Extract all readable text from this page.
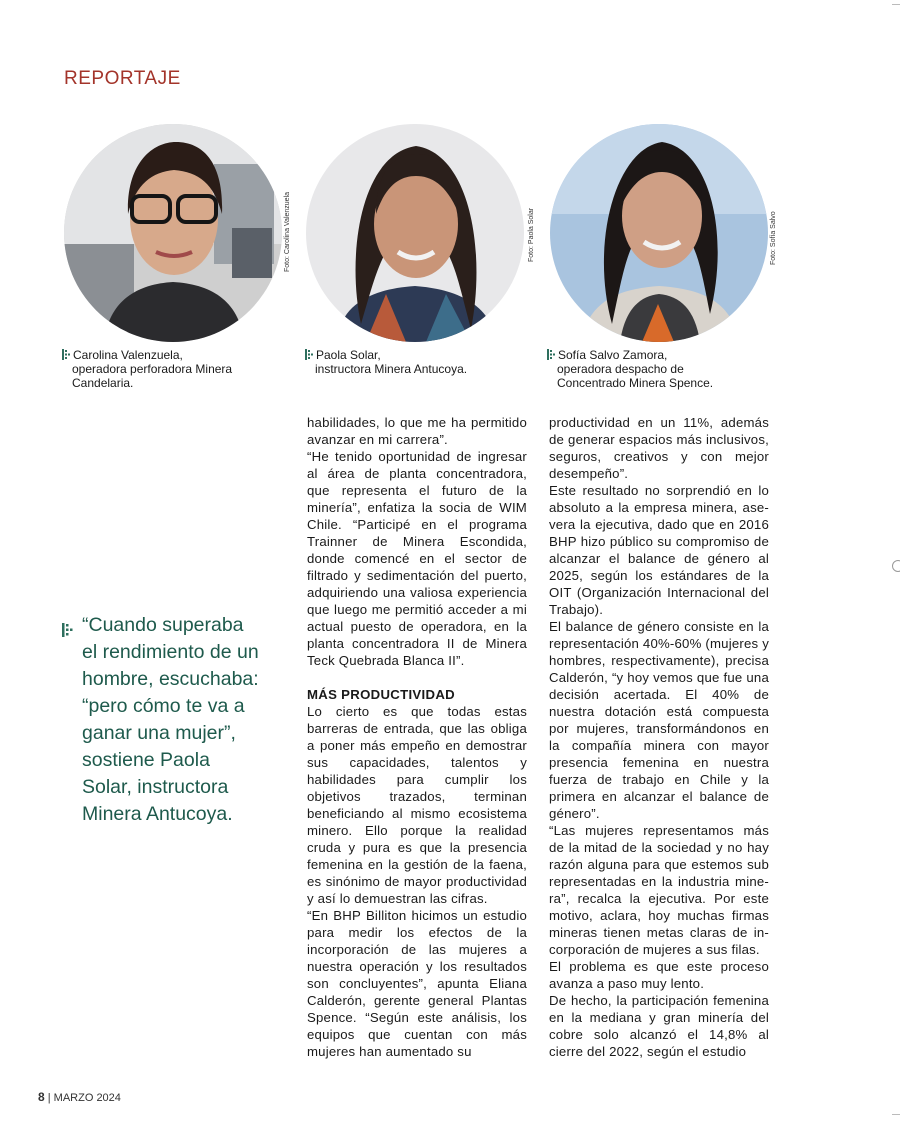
REPORTAJE
Foto: Carolina Valenzuela	Foto: Paola Solar	Foto: Sofía Salvo
Carolina Valenzuela,
operadora perforadora Minera Candelaria.
Paola Solar,
instructora Minera Antucoya.
Sofía Salvo Zamora,
operadora despacho de Concentrado Minera Spence.
“Cuando superaba el rendimiento de un hombre, escuchaba: “pero cómo te va a ganar una mujer”, sostiene Paola Solar, instructora Minera Antucoya.

habilidades, lo que me ha permitido avanzar en mi carrera”.

“He tenido oportunidad de ingresar al área de planta concentradora, que representa el futuro de la minería”, enfatiza la socia de WIM Chile. “Participé en el programa Trainner de Minera Escondida, donde comencé en el sector de filtrado y sedimentación del puerto, adquiriendo una valiosa experiencia que luego me permitió acceder a mi actual puesto de operadora, en la planta concentradora II de Minera Teck Quebrada Blanca II”.

MÁS PRODUCTIVIDAD

Lo cierto es que todas estas barreras de entrada, que las obliga a poner más empeño en demostrar sus capacidades, talentos y habilidades para cumplir los objetivos trazados, terminan beneficiando al mismo ecosistema minero. Ello porque la realidad cruda y pura es que la presencia femenina en la gestión de la faena, es sinónimo de mayor productividad y así lo demuestran las cifras.

“En BHP Billiton hicimos un estudio para medir los efectos de la incorporación de las mujeres a nuestra operación y los resultados son concluyentes”, apunta Eliana Calderón, gerente general Plantas Spence. “Según este análisis, los equipos que cuentan con más mujeres han aumentado su

productividad en un 11%, además de generar espacios más inclusivos, seguros, creativos y con mejor desempeño”.

Este resultado no sorprendió en lo absoluto a la empresa minera, ase-vera la ejecutiva, dado que en 2016 BHP hizo público su compromiso de alcanzar el balance de género al 2025, según los estándares de la OIT (Organización Internacional del Trabajo).

El balance de género consiste en la representación 40%-60% (mujeres y hombres, respectivamente), precisa Calderón, “y hoy vemos que fue una decisión acertada. El 40% de nuestra dotación está compuesta por mujeres, transformándonos en la compañía minera con mayor presencia femenina en nuestra fuerza de trabajo en Chile y la primera en alcanzar el balance de género”.

“Las mujeres representamos más de la mitad de la sociedad y no hay razón alguna para que estemos sub representadas en la industria mine-ra”, recalca la ejecutiva. Por este motivo, aclara, hoy muchas firmas mineras tienen metas claras de in-corporación de mujeres a sus filas.

El problema es que este proceso avanza a paso muy lento.

De hecho, la participación femenina en la mediana y gran minería del cobre solo alcanzó el 14,8% al cierre del 2022, según el estudio

8 | MARZO 2024
